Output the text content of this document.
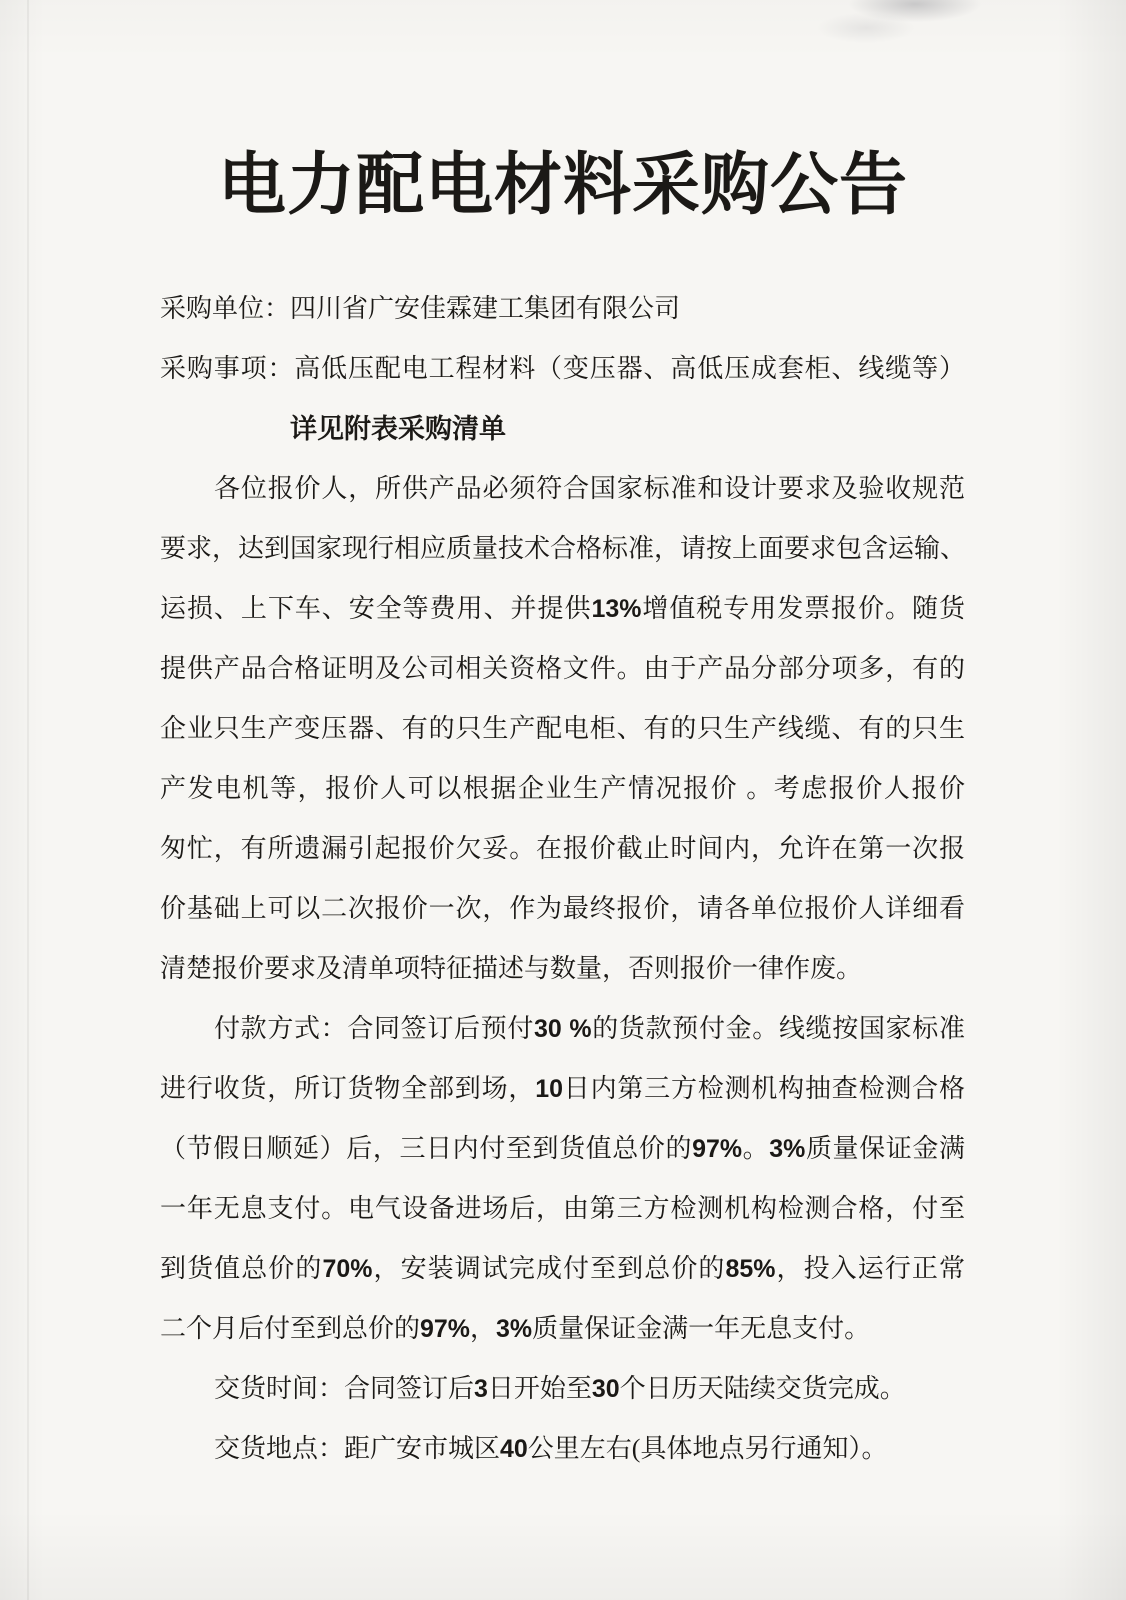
电力配电材料采购公告
采购单位：四川省广安佳霖建工集团有限公司
采购事项：高低压配电工程材料（变压器、高低压成套柜、线缆等）
详见附表采购清单
各位报价人，所供产品必须符合国家标准和设计要求及验收规范
要求，达到国家现行相应质量技术合格标准，请按上面要求包含运输、
运损、上下车、安全等费用、并提供13%增值税专用发票报价。随货
提供产品合格证明及公司相关资格文件。由于产品分部分项多，有的
企业只生产变压器、有的只生产配电柜、有的只生产线缆、有的只生
产发电机等，报价人可以根据企业生产情况报价 。考虑报价人报价
匆忙，有所遗漏引起报价欠妥。在报价截止时间内，允许在第一次报
价基础上可以二次报价一次，作为最终报价，请各单位报价人详细看
清楚报价要求及清单项特征描述与数量，否则报价一律作废。
付款方式：合同签订后预付30 %的货款预付金。线缆按国家标准
进行收货，所订货物全部到场，10日内第三方检测机构抽查检测合格
（节假日顺延）后，三日内付至到货值总价的97%。3%质量保证金满
一年无息支付。电气设备进场后，由第三方检测机构检测合格，付至
到货值总价的70%，安装调试完成付至到总价的85%，投入运行正常
二个月后付至到总价的97%，3%质量保证金满一年无息支付。
交货时间：合同签订后3日开始至30个日历天陆续交货完成。
交货地点：距广安市城区40公里左右(具体地点另行通知）。
